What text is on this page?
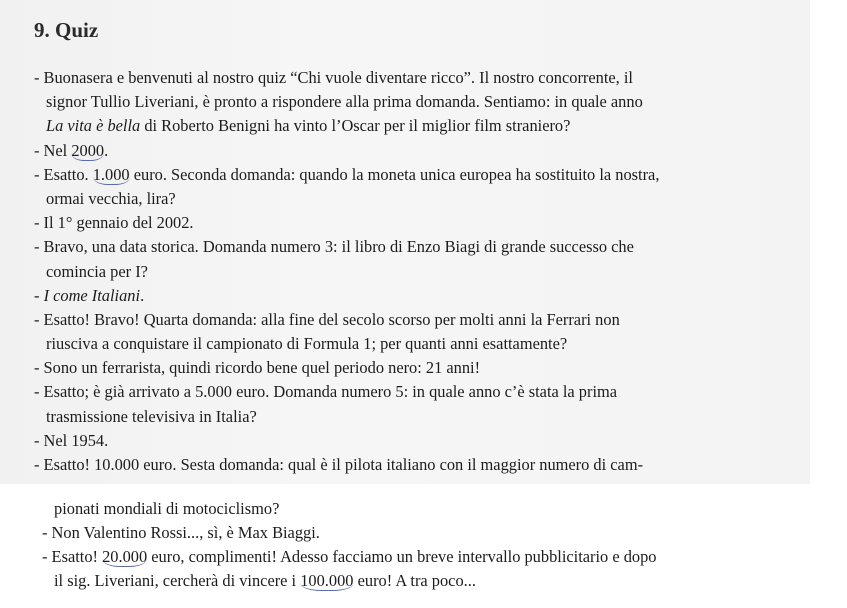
9. Quiz
- Buonasera e benvenuti al nostro quiz “Chi vuole diventare ricco”. Il nostro concorrente, il
signor Tullio Liveriani, è pronto a rispondere alla prima domanda. Sentiamo: in quale anno
La vita è bella di Roberto Benigni ha vinto l’Oscar per il miglior film straniero?
- Nel 2000.
- Esatto. 1.000 euro. Seconda domanda: quando la moneta unica europea ha sostituito la nostra,
ormai vecchia, lira?
- Il 1° gennaio del 2002.
- Bravo, una data storica. Domanda numero 3: il libro di Enzo Biagi di grande successo che
comincia per I?
- I come Italiani.
- Esatto! Bravo! Quarta domanda: alla fine del secolo scorso per molti anni la Ferrari non
riusciva a conquistare il campionato di Formula 1; per quanti anni esattamente?
- Sono un ferrarista, quindi ricordo bene quel periodo nero: 21 anni!
- Esatto; è già arrivato a 5.000 euro. Domanda numero 5: in quale anno c’è stata la prima
trasmissione televisiva in Italia?
- Nel 1954.
- Esatto! 10.000 euro. Sesta domanda: qual è il pilota italiano con il maggior numero di cam-
pionati mondiali di motociclismo?
- Non Valentino Rossi..., sì, è Max Biaggi.
- Esatto! 20.000 euro, complimenti! Adesso facciamo un breve intervallo pubblicitario e dopo
il sig. Liveriani, cercherà di vincere i 100.000 euro! A tra poco...
